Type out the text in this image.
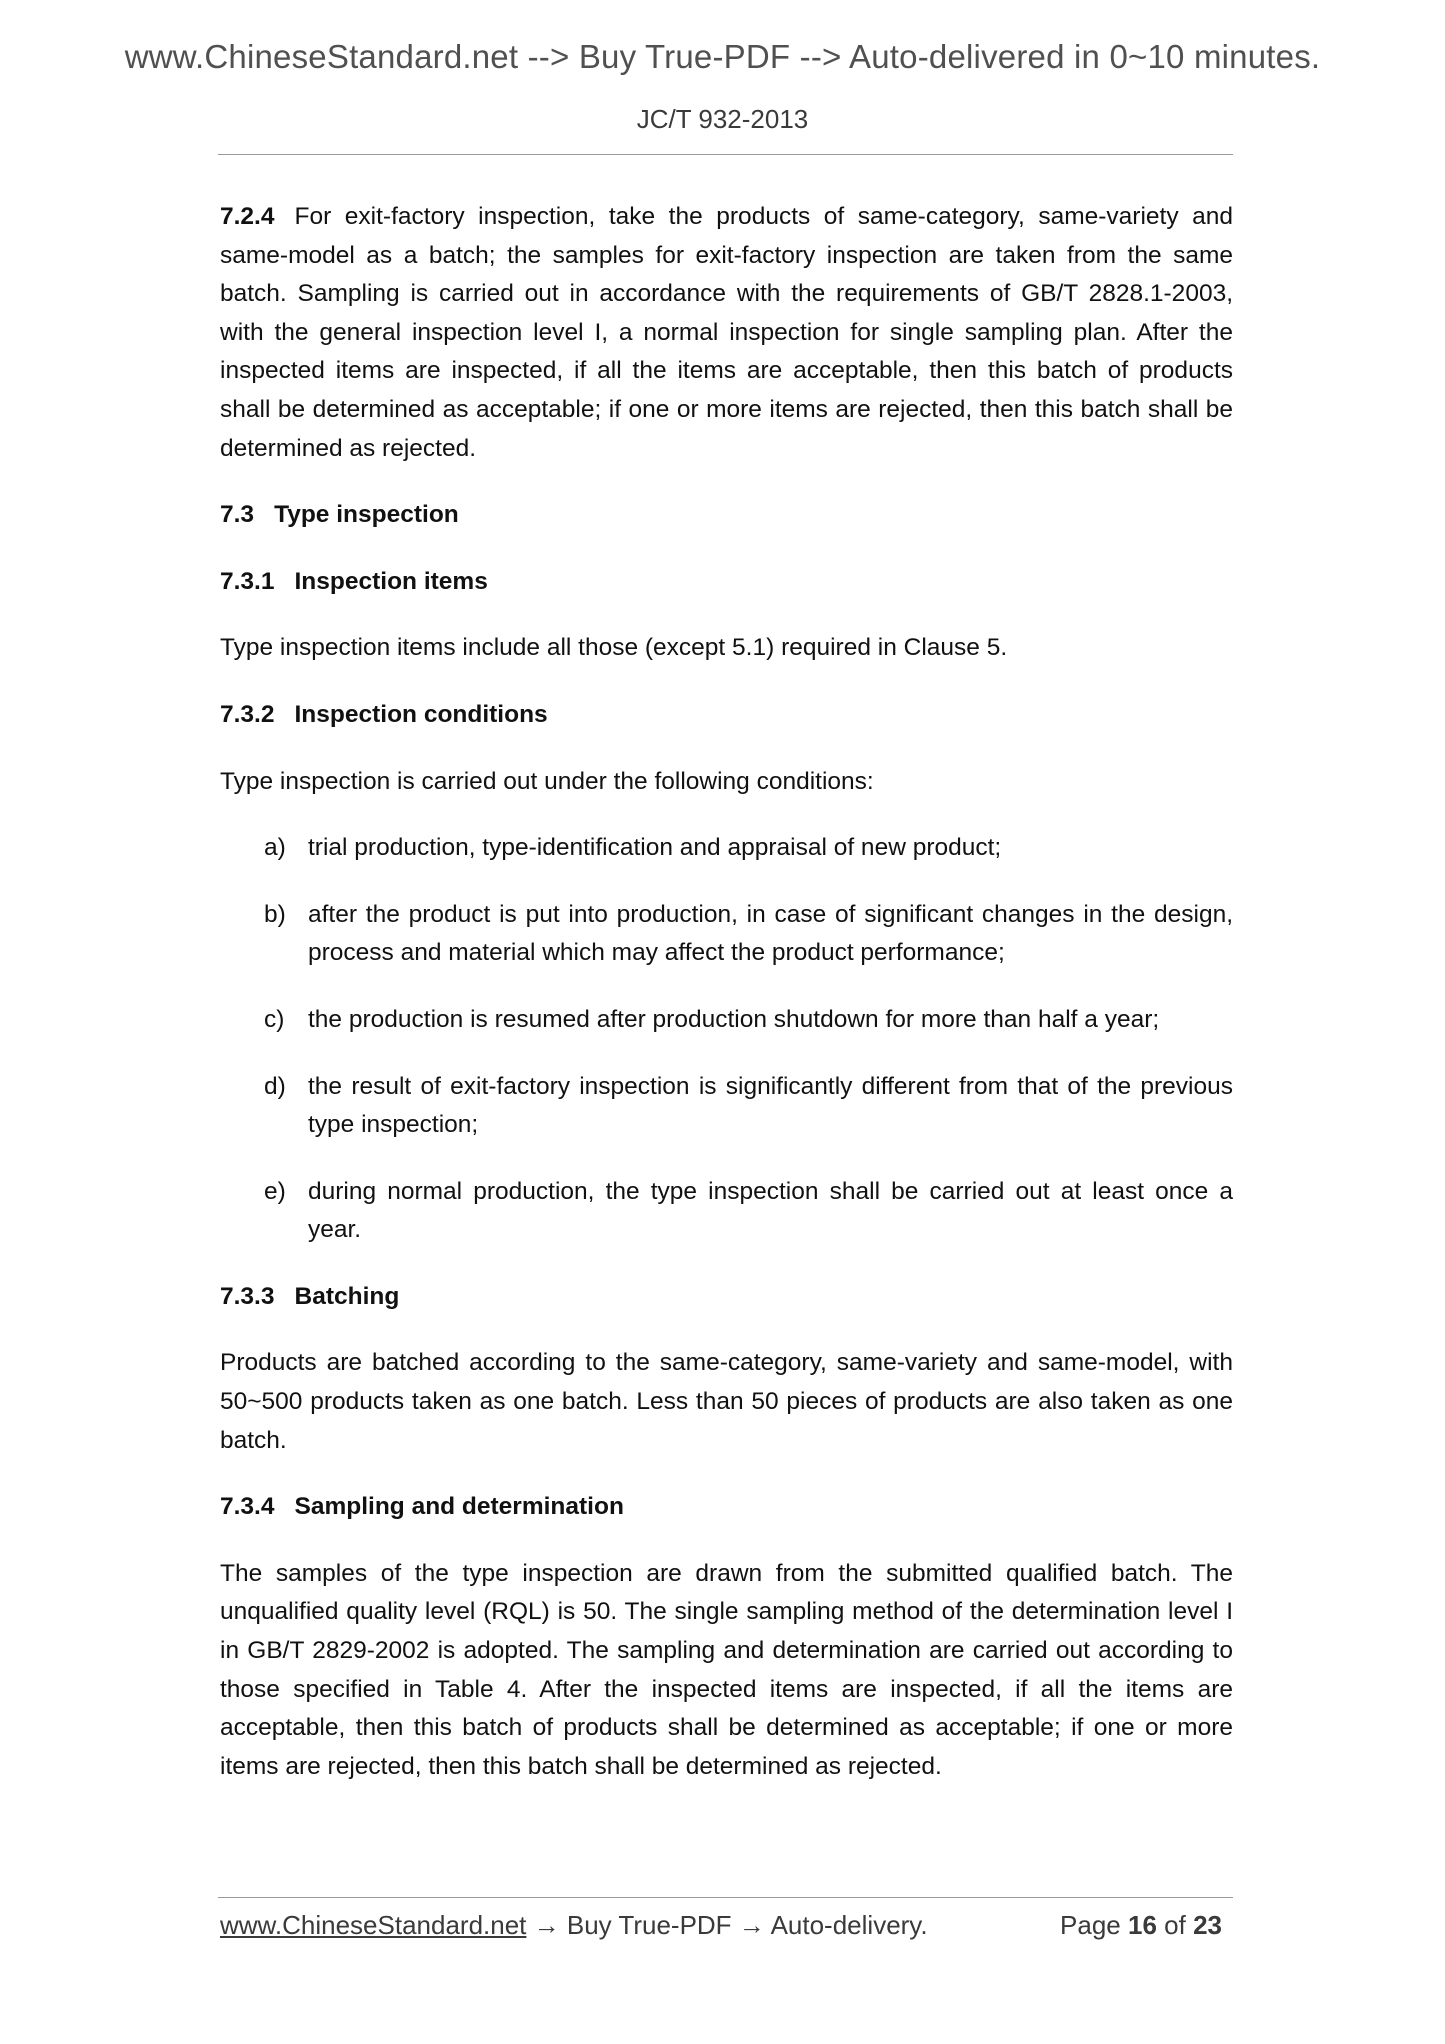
www.ChineseStandard.net --> Buy True-PDF --> Auto-delivered in 0~10 minutes.
JC/T 932-2013

7.2.4 For exit-factory inspection, take the products of same-category, same-variety and same-model as a batch; the samples for exit-factory inspection are taken from the same batch. Sampling is carried out in accordance with the requirements of GB/T 2828.1-2003, with the general inspection level I, a normal inspection for single sampling plan. After the inspected items are inspected, if all the items are acceptable, then this batch of products shall be determined as acceptable; if one or more items are rejected, then this batch shall be determined as rejected.

7.3 Type inspection
7.3.1 Inspection items

Type inspection items include all those (except 5.1) required in Clause 5.

7.3.2 Inspection conditions

Type inspection is carried out under the following conditions:

a) trial production, type-identification and appraisal of new product;
b) after the product is put into production, in case of significant changes in the design, process and material which may affect the product performance;
c) the production is resumed after production shutdown for more than half a year;
d) the result of exit-factory inspection is significantly different from that of the previous type inspection;
e) during normal production, the type inspection shall be carried out at least once a year.
7.3.3 Batching

Products are batched according to the same-category, same-variety and same-model, with 50~500 products taken as one batch. Less than 50 pieces of products are also taken as one batch.

7.3.4 Sampling and determination

The samples of the type inspection are drawn from the submitted qualified batch. The unqualified quality level (RQL) is 50. The single sampling method of the determination level I in GB/T 2829-2002 is adopted. The sampling and determination are carried out according to those specified in Table 4. After the inspected items are inspected, if all the items are acceptable, then this batch of products shall be determined as acceptable; if one or more items are rejected, then this batch shall be determined as rejected.

www.ChineseStandard.net → Buy True-PDF → Auto-delivery.	Page 16 of 23
